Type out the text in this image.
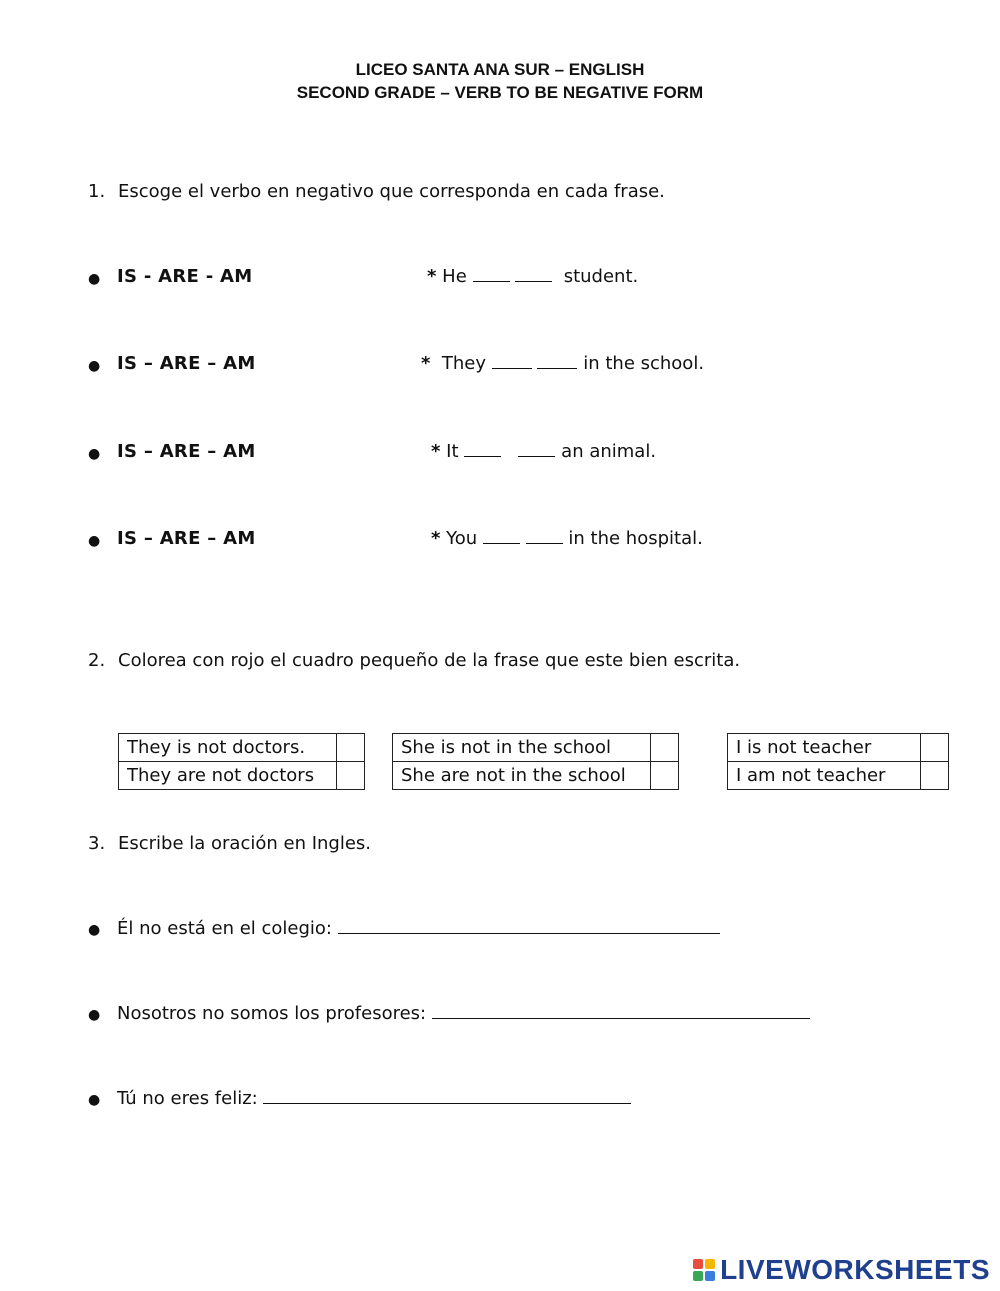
LICEO SANTA ANA SUR – ENGLISH
SECOND GRADE – VERB TO BE NEGATIVE FORM
1. Escoge el verbo en negativo que corresponda en cada frase.
● IS - ARE - AM	* He	student.
● IS – ARE – AM	* They	in the school.
● IS – ARE – AM	* It	an animal.
● IS – ARE – AM	* You	in the hospital.
2. Colorea con rojo el cuadro pequeño de la frase que este bien escrita.
They is not doctors.	

They are not doctors	
She is not in the school	

She are not in the school	
I is not teacher	

I am not teacher	
3. Escribe la oración en Ingles.
● Él no está en el colegio:
● Nosotros no somos los profesores:
● Tú no eres feliz:
LIVEWORKSHEETS
